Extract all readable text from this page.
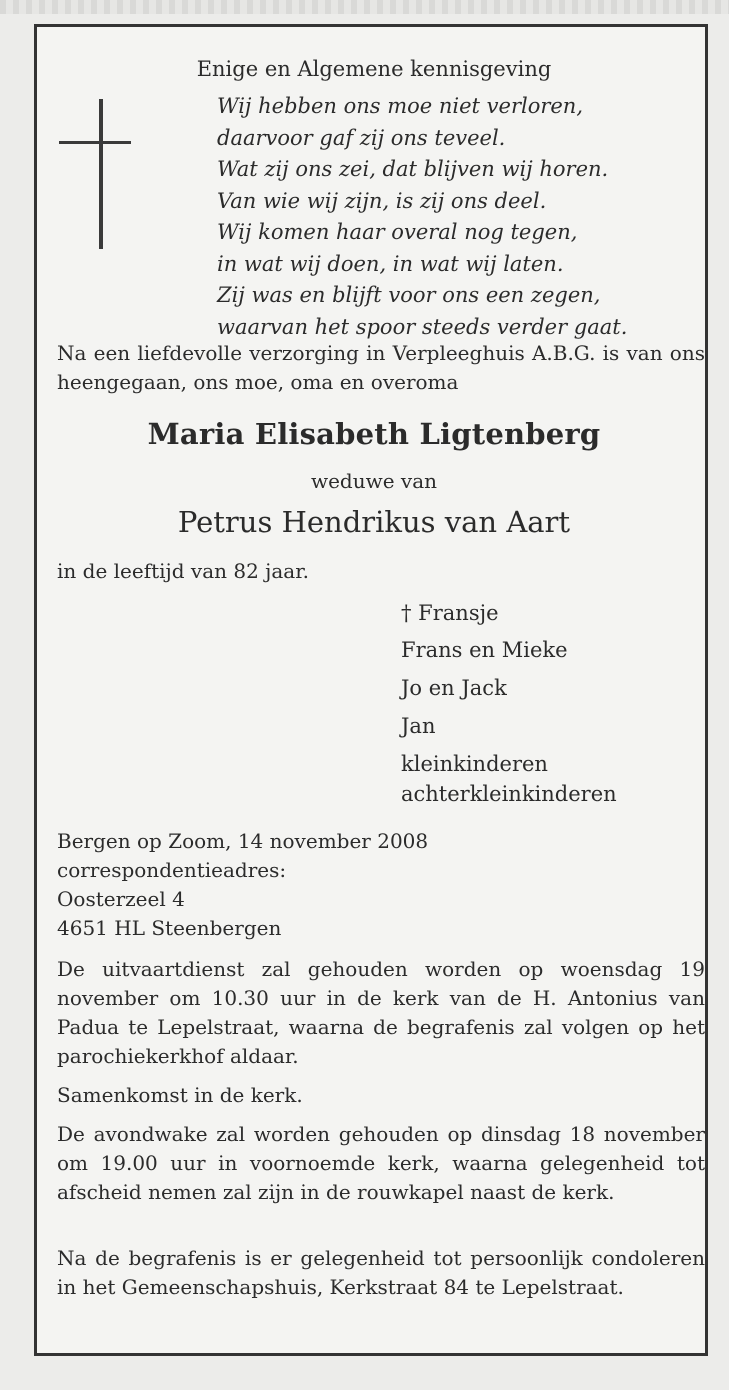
Enige en Algemene kennisgeving
Wij hebben ons moe niet verloren,
daarvoor gaf zij ons teveel.
Wat zij ons zei, dat blijven wij horen.
Van wie wij zijn, is zij ons deel.
Wij komen haar overal nog tegen,
in wat wij doen, in wat wij laten.
Zij was en blijft voor ons een zegen,
waarvan het spoor steeds verder gaat.
Na een liefdevolle verzorging in Verpleeghuis A.B.G. is van ons heengegaan, ons moe, oma en overoma
Maria Elisabeth Ligtenberg
weduwe van
Petrus Hendrikus van Aart
in de leeftijd van 82 jaar.
† Fransje
Frans en Mieke
Jo en Jack
Jan
kleinkinderen
achterkleinkinderen
Bergen op Zoom, 14 november 2008
correspondentieadres:
Oosterzeel 4
4651 HL Steenbergen
De uitvaartdienst zal gehouden worden op woensdag 19 november om 10.30 uur in de kerk van de H. Antonius van Padua te Lepelstraat, waarna de begrafenis zal volgen op het parochiekerkhof aldaar.
Samenkomst in de kerk.
De avondwake zal worden gehouden op dinsdag 18 november om 19.00 uur in voornoemde kerk, waarna gelegenheid tot afscheid nemen zal zijn in de rouwkapel naast de kerk.
Na de begrafenis is er gelegenheid tot persoonlijk condoleren in het Gemeenschapshuis, Kerkstraat 84 te Lepelstraat.
